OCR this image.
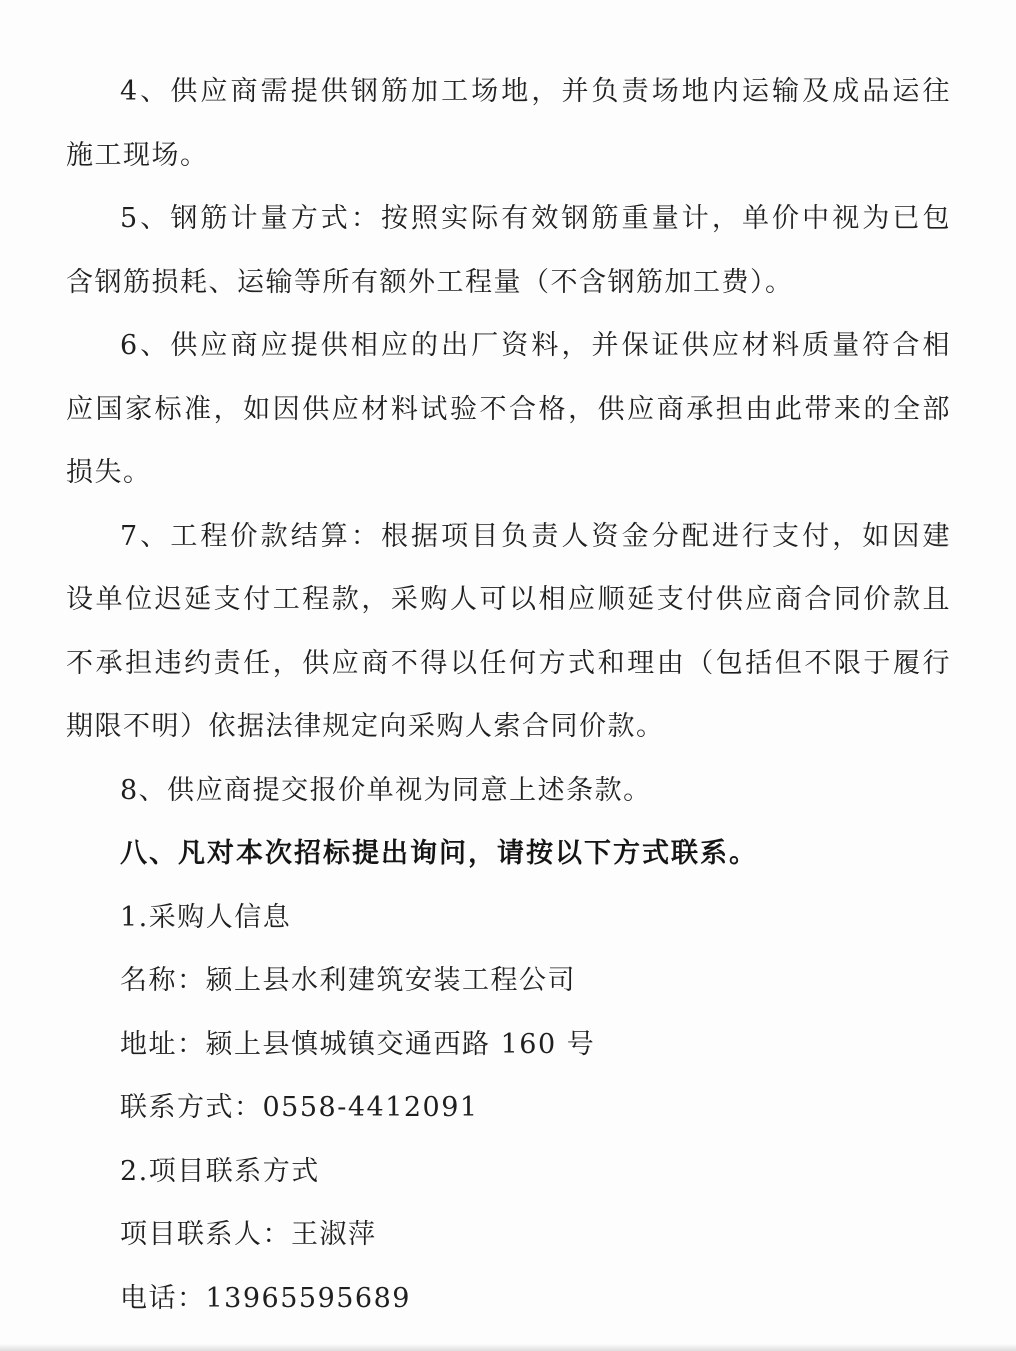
4、供应商需提供钢筋加工场地，并负责场地内运输及成品运往

施工现场。

5、钢筋计量方式：按照实际有效钢筋重量计，单价中视为已包

含钢筋损耗、运输等所有额外工程量（不含钢筋加工费）。

6、供应商应提供相应的出厂资料，并保证供应材料质量符合相

应国家标准，如因供应材料试验不合格，供应商承担由此带来的全部

损失。

7、工程价款结算：根据项目负责人资金分配进行支付，如因建

设单位迟延支付工程款，采购人可以相应顺延支付供应商合同价款且

不承担违约责任，供应商不得以任何方式和理由（包括但不限于履行

期限不明）依据法律规定向采购人索合同价款。

8、供应商提交报价单视为同意上述条款。

八、凡对本次招标提出询问，请按以下方式联系。

1.采购人信息

名称：颍上县水利建筑安装工程公司

地址：颍上县慎城镇交通西路 160 号

联系方式：0558-4412091

2.项目联系方式

项目联系人：王淑萍

电话：13965595689
